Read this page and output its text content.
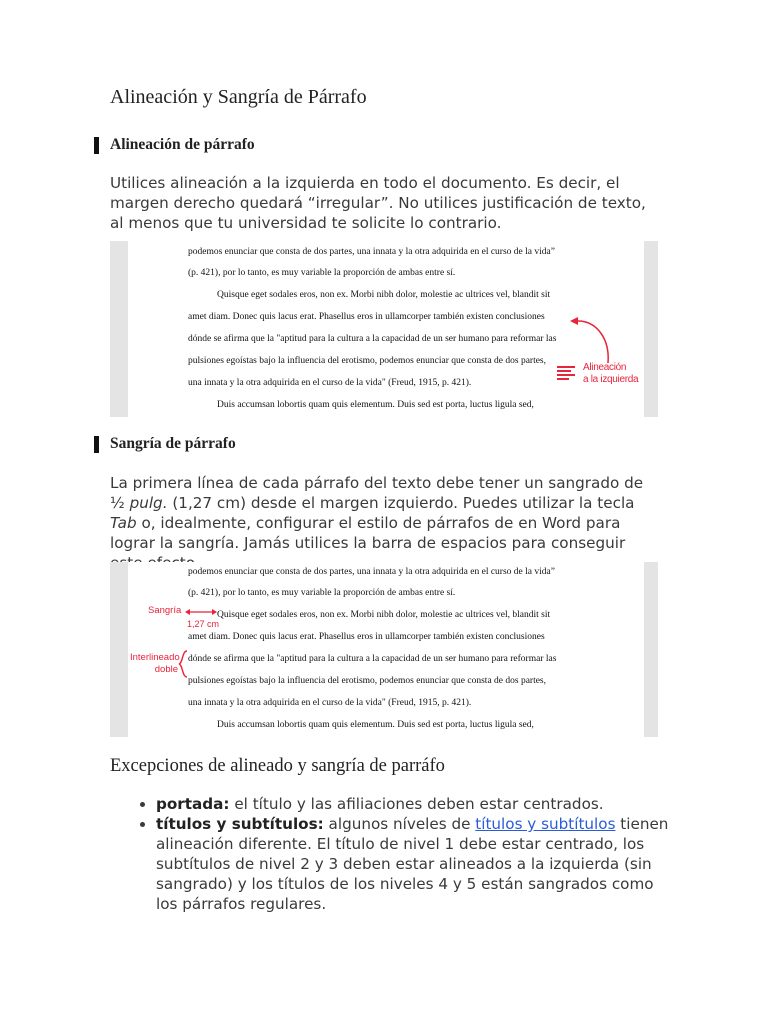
Alineación y Sangría de Párrafo
Alineación de párrafo
Utilices alineación a la izquierda en todo el documento. Es decir, el margen derecho quedará “irregular”. No utilices justificación de texto, al menos que tu universidad te solicite lo contrario.
podemos enunciar que consta de dos partes, una innata y la otra adquirida en el curso de la vida”
(p. 421), por lo tanto, es muy variable la proporción de ambas entre sí.
Quisque eget sodales eros, non ex. Morbi nibh dolor, molestie ac ultrices vel, blandit sit
amet diam. Donec quis lacus erat. Phasellus eros in ullamcorper también existen conclusiones
dónde se afirma que la "aptitud para la cultura a la capacidad de un ser humano para reformar las
pulsiones egoístas bajo la influencia del erotismo, podemos enunciar que consta de dos partes,
una innata y la otra adquirida en el curso de la vida" (Freud, 1915, p. 421).
Duis accumsan lobortis quam quis elementum. Duis sed est porta, luctus ligula sed,
Alineación
a la izquierda
Sangría de párrafo
La primera línea de cada párrafo del texto debe tener un sangrado de ½ pulg. (1,27 cm) desde el margen izquierdo. Puedes utilizar la tecla Tab o, idealmente, configurar el estilo de párrafos de en Word para lograr la sangría. Jamás utilices la barra de espacios para conseguir
podemos enunciar que consta de dos partes, una innata y la otra adquirida en el curso de la vida”
(p. 421), por lo tanto, es muy variable la proporción de ambas entre sí.
Quisque eget sodales eros, non ex. Morbi nibh dolor, molestie ac ultrices vel, blandit sit
amet diam. Donec quis lacus erat. Phasellus eros in ullamcorper también existen conclusiones
dónde se afirma que la "aptitud para la cultura a la capacidad de un ser humano para reformar las
pulsiones egoístas bajo la influencia del erotismo, podemos enunciar que consta de dos partes,
una innata y la otra adquirida en el curso de la vida" (Freud, 1915, p. 421).
Duis accumsan lobortis quam quis elementum. Duis sed est porta, luctus ligula sed,
Sangría
1,27 cm
Interlineado
doble
Excepciones de alineado y sangría de parráfo
• portada: el título y las afiliaciones deben estar centrados.
• títulos y subtítulos: algunos níveles de títulos y subtítulos tienen alineación diferente. El título de nivel 1 debe estar centrado, los subtítulos de nivel 2 y 3 deben estar alineados a la izquierda (sin sangrado) y los títulos de los niveles 4 y 5 están sangrados como los párrafos regulares.
